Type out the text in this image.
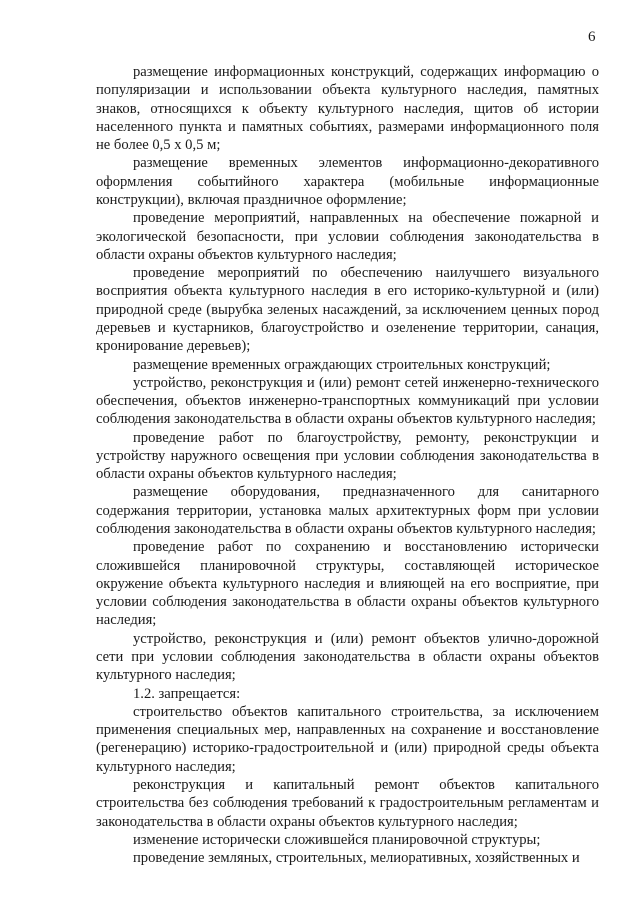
6

размещение информационных конструкций, содержащих информацию о популяризации и использовании объекта культурного наследия, памятных знаков, относящихся к объекту культурного наследия, щитов об истории населенного пункта и памятных событиях, размерами информационного поля не более 0,5 х 0,5 м;

размещение временных элементов информационно-декоративного оформления событийного характера (мобильные информационные конструкции), включая праздничное оформление;

проведение мероприятий, направленных на обеспечение пожарной и экологической безопасности, при условии соблюдения законодательства в области охраны объектов культурного наследия;

проведение мероприятий по обеспечению наилучшего визуального восприятия объекта культурного наследия в его историко-культурной и (или) природной среде (вырубка зеленых насаждений, за исключением ценных пород деревьев и кустарников, благоустройство и озеленение территории, санация, кронирование деревьев);

размещение временных ограждающих строительных конструкций;

устройство, реконструкция и (или) ремонт сетей инженерно-технического обеспечения, объектов инженерно-транспортных коммуникаций при условии соблюдения законодательства в области охраны объектов культурного наследия;

проведение работ по благоустройству, ремонту, реконструкции и устройству наружного освещения при условии соблюдения законодательства в области охраны объектов культурного наследия;

размещение оборудования, предназначенного для санитарного содержания территории, установка малых архитектурных форм при условии соблюдения законодательства в области охраны объектов культурного наследия;

проведение работ по сохранению и восстановлению исторически сложившейся планировочной структуры, составляющей историческое окружение объекта культурного наследия и влияющей на его восприятие, при условии соблюдения законодательства в области охраны объектов культурного наследия;

устройство, реконструкция и (или) ремонт объектов улично-дорожной сети при условии соблюдения законодательства в области охраны объектов культурного наследия;

1.2. запрещается:

строительство объектов капитального строительства, за исключением применения специальных мер, направленных на сохранение и восстановление (регенерацию) историко-градостроительной и (или) природной среды объекта культурного наследия;

реконструкция и капитальный ремонт объектов капитального строительства без соблюдения требований к градостроительным регламентам и законодательства в области охраны объектов культурного наследия;

изменение исторически сложившейся планировочной структуры;

проведение земляных, строительных, мелиоративных, хозяйственных и
